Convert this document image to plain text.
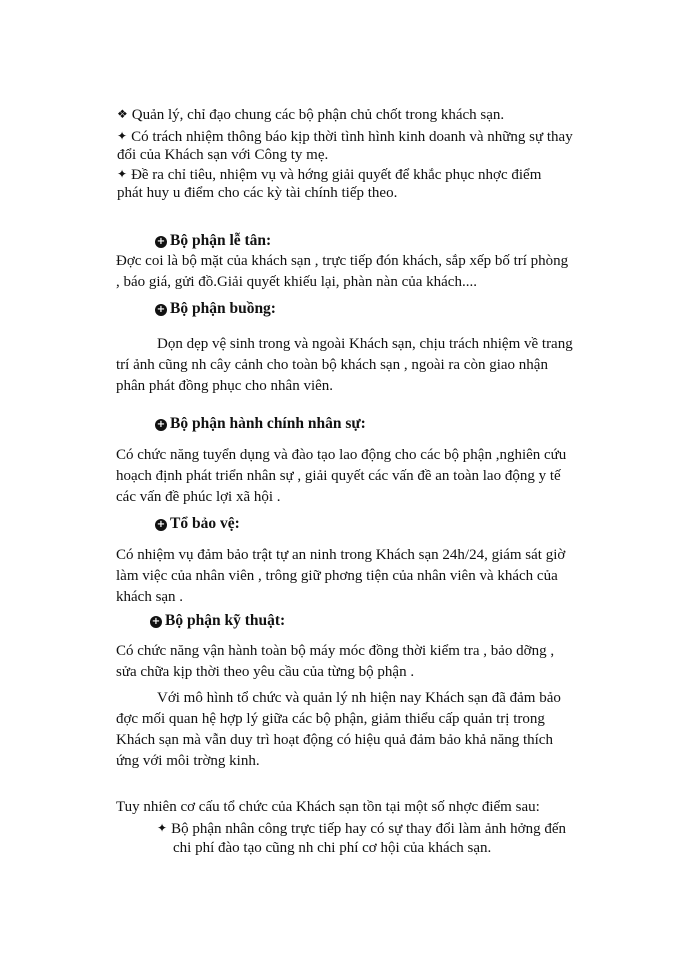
❖ Quản lý, chỉ đạo chung các bộ phận chủ chốt trong khách sạn.
✦ Có trách nhiệm thông báo kịp thời tình hình kinh doanh và những sự thay
đổi của Khách sạn với Công ty mẹ.
✦ Đề ra chỉ tiêu, nhiệm vụ và hớng giải quyết để khắc phục nhợc điểm
phát huy u điểm cho các kỳ tài chính tiếp theo.
+ Bộ phận lễ tân:
Đợc coi là bộ mặt của khách sạn , trực tiếp đón khách, sắp xếp bố trí phòng
, báo giá, gửi đồ.Giải quyết khiếu lại, phàn nàn của khách....
+ Bộ phận buồng:
Dọn dẹp vệ sinh trong và ngoài Khách sạn, chịu trách nhiệm về trang
trí ảnh cũng nh cây cảnh cho toàn bộ khách sạn , ngoài ra còn giao nhận
phân phát đồng phục cho nhân viên.
+ Bộ phận hành chính nhân sự:
Có chức năng tuyển dụng và đào tạo lao động cho các bộ phận ,nghiên cứu
hoạch định phát triển nhân sự , giải quyết các vấn đề an toàn lao động y tế
các vấn đề phúc lợi xã hội .
+ Tổ bảo vệ:
Có nhiệm vụ đảm bảo trật tự an ninh trong Khách sạn 24h/24, giám sát giờ
làm việc của nhân viên , trông giữ phơng tiện của nhân viên và khách của
khách sạn .
+ Bộ phận kỹ thuật:
Có chức năng vận hành toàn bộ máy móc đồng thời kiểm tra , bảo dỡng ,
sửa chữa kịp thời theo yêu cầu của từng bộ phận .
Với mô hình tổ chức và quản lý nh hiện nay Khách sạn đã đảm bảo
đợc mối quan hệ hợp lý giữa các bộ phận, giảm thiểu cấp quản trị trong
Khách sạn mà vẫn duy trì hoạt động có hiệu quả đảm bảo khả năng thích
ứng với môi trờng kinh.
Tuy nhiên cơ cấu tổ chức của Khách sạn tồn tại một số nhợc điểm sau:
✦ Bộ phận nhân công trực tiếp hay có sự thay đổi làm ảnh hởng đến
chi phí đào tạo cũng nh chi phí cơ hội của khách sạn.
